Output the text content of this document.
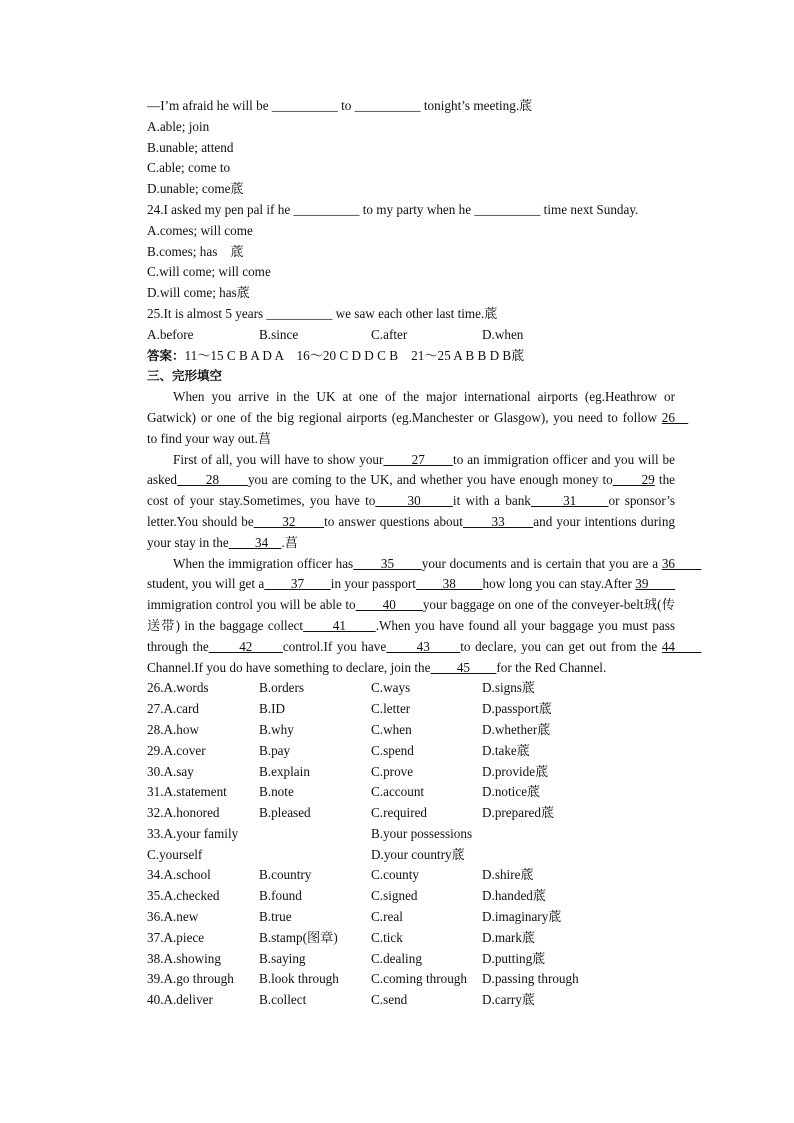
—I’m afraid he will be __________ to __________ tonight’s meeting.菧
A.able; join
B.unable; attend
C.able; come to
D.unable; come菧
24.I asked my pen pal if he __________ to my party when he __________ time next Sunday.
A.comes; will come
B.comes; has　菧
C.will come; will come
D.will come; has菧
25.It is almost 5 years __________ we saw each other last time.菧
A.before	B.since	C.after	D.when
答案：11～15 C B A D A　16～20 C D D C B　21～25 A B B D B菧
三、完形填空

When you arrive in the UK at one of the major international airports (eg.Heathrow or Gatwick) or one of the big regional airports (eg.Manchester or Glasgow), you need to follow 26　to find your way out.菖

First of all, you will have to show your　　27　　to an immigration officer and you will be asked　　28　　you are coming to the UK, and whether you have enough money to　　29 the cost of your stay.Sometimes, you have to　　30　　it with a bank　　31　　or sponsor’s letter.You should be　　32　　to answer questions about　　33　　and your intentions during your stay in the　　34　.菖

When the immigration officer has　　35　　your documents and is certain that you are a 36　　student, you will get a　　37　　in your passport　　38　　how long you can stay.After 39　　 immigration control you will be able to　　40　　your baggage on one of the conveyer-belt珬(传送带) in the baggage collect　　41　　.When you have found all your baggage you must pass through the　　42　　control.If you have　　43　　to declare, you can get out from the 44　　Channel.If you do have something to declare, join the　　45　　for the Red Channel.

26.A.words	B.orders	C.ways	D.signs菧
27.A.card	B.ID	C.letter	D.passport菧
28.A.how	B.why	C.when	D.whether菧
29.A.cover	B.pay	C.spend	D.take菧
30.A.say	B.explain	C.prove	D.provide菧
31.A.statement	B.note	C.account	D.notice菧
32.A.honored	B.pleased	C.required	D.prepared菧
33.A.your family	B.your possessions
C.yourself	D.your country菧
34.A.school	B.country	C.county	D.shire菧
35.A.checked	B.found	C.signed	D.handed菧
36.A.new	B.true	C.real	D.imaginary菧
37.A.piece	B.stamp(图章)	C.tick	D.mark菧
38.A.showing	B.saying	C.dealing	D.putting菧
39.A.go through	B.look through	C.coming through	D.passing through
40.A.deliver	B.collect	C.send	D.carry菧
